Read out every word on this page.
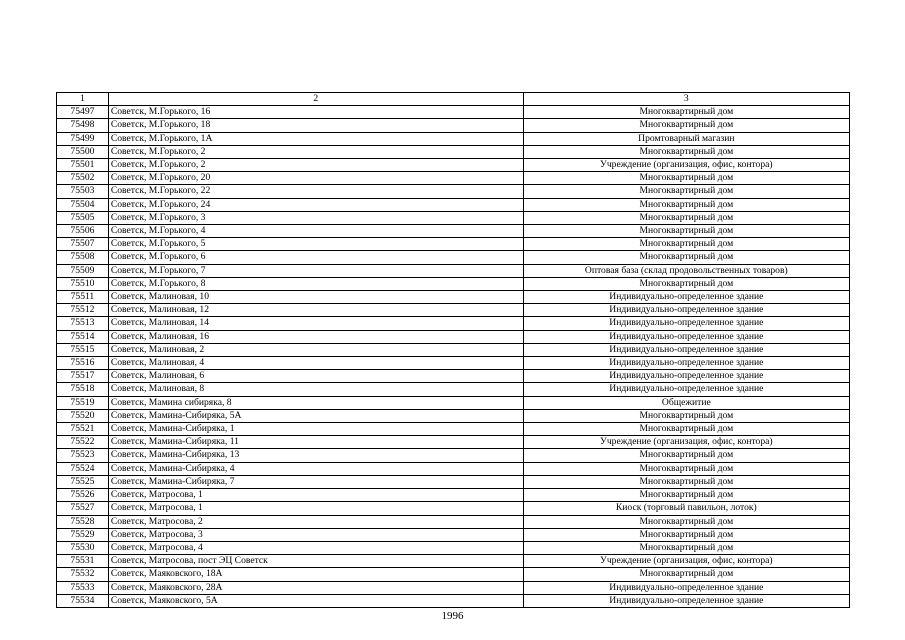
1	2	3
75497	Советск, М.Горького, 16	Многоквартирный дом
75498	Советск, М.Горького, 18	Многоквартирный дом
75499	Советск, М.Горького, 1А	Промтоварный магазин
75500	Советск, М.Горького, 2	Многоквартирный дом
75501	Советск, М.Горького, 2	Учреждение (организация, офис, контора)
75502	Советск, М.Горького, 20	Многоквартирный дом
75503	Советск, М.Горького, 22	Многоквартирный дом
75504	Советск, М.Горького, 24	Многоквартирный дом
75505	Советск, М.Горького, 3	Многоквартирный дом
75506	Советск, М.Горького, 4	Многоквартирный дом
75507	Советск, М.Горького, 5	Многоквартирный дом
75508	Советск, М.Горького, 6	Многоквартирный дом
75509	Советск, М.Горького, 7	Оптовая база (склад продовольственных товаров)
75510	Советск, М.Горького, 8	Многоквартирный дом
75511	Советск, Малиновая, 10	Индивидуально-определенное здание
75512	Советск, Малиновая, 12	Индивидуально-определенное здание
75513	Советск, Малиновая, 14	Индивидуально-определенное здание
75514	Советск, Малиновая, 16	Индивидуально-определенное здание
75515	Советск, Малиновая, 2	Индивидуально-определенное здание
75516	Советск, Малиновая, 4	Индивидуально-определенное здание
75517	Советск, Малиновая, 6	Индивидуально-определенное здание
75518	Советск, Малиновая, 8	Индивидуально-определенное здание
75519	Советск, Мамина сибиряка, 8	Общежитие
75520	Советск, Мамина-Сибиряка, 5А	Многоквартирный дом
75521	Советск, Мамина-Сибиряка, 1	Многоквартирный дом
75522	Советск, Мамина-Сибиряка, 11	Учреждение (организация, офис, контора)
75523	Советск, Мамина-Сибиряка, 13	Многоквартирный дом
75524	Советск, Мамина-Сибиряка, 4	Многоквартирный дом
75525	Советск, Мамина-Сибиряка, 7	Многоквартирный дом
75526	Советск, Матросова, 1	Многоквартирный дом
75527	Советск, Матросова, 1	Киоск (торговый павильон, лоток)
75528	Советск, Матросова, 2	Многоквартирный дом
75529	Советск, Матросова, 3	Многоквартирный дом
75530	Советск, Матросова, 4	Многоквартирный дом
75531	Советск, Матросова, пост ЭЦ Советск	Учреждение (организация, офис, контора)
75532	Советск, Маяковского, 18А	Многоквартирный дом
75533	Советск, Маяковского, 28А	Индивидуально-определенное здание
75534	Советск, Маяковского, 5А	Индивидуально-определенное здание
1996
